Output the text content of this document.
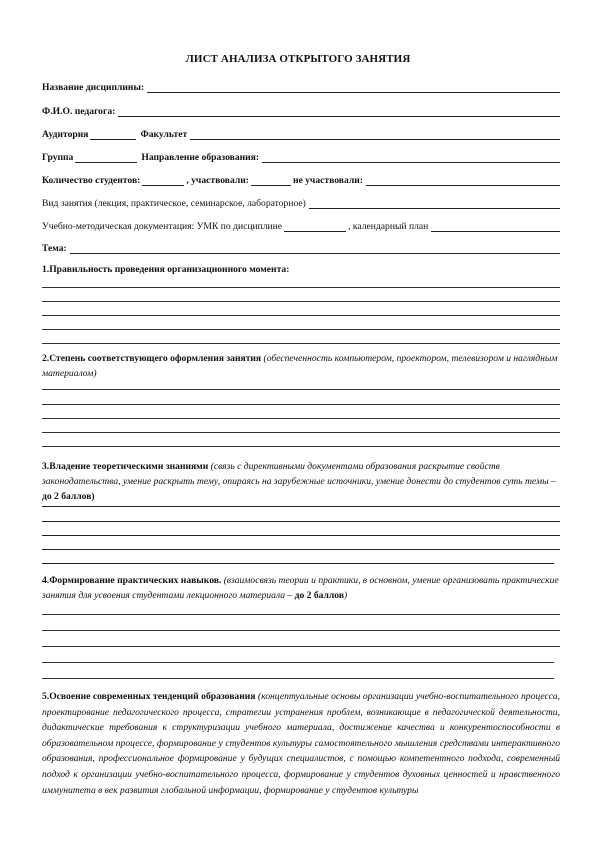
ЛИСТ АНАЛИЗА ОТКРЫТОГО ЗАНЯТИЯ
Название дисциплины:
Ф.И.О. педагога:
Аудитория	Факультет
Группа	Направление образования:
Количество студентов:	, участвовали:	не участвовали:
Вид занятия (лекция, практическое, семинарское, лабораторное)
Учебно-методическая документация: УМК по дисциплине	, календарный план
Тема:
1.Правильность проведения организационного момента:
2.Степень соответствующего оформления занятия (обеспеченность компьютером, проектором, телевизором и наглядным материалом)
3.Владение теоретическими знаниями (связь с директивными документами образования раскрытие свойств законодательства, умение раскрыть тему, опираясь на зарубежные источники, умение донести до студентов суть темы – до 2 баллов)
4.Формирование практических навыков. (взаимосвязь теории и практики, в основном, умение организовать практические занятия для усвоения студентами лекционного материала – до 2 баллов)
5.Освоение современных тенденций образования (концептуальные основы организации учебно-воспитательного процесса, проектирование педагогического процесса, стратегии устранения проблем, возникающие в педагогической деятельности, дидактические требования к структуризации учебного материала, достижение качества и конкурентоспособности в образовательном процессе, формирование у студентов культуры самостоятельного мышления средствами интерактивного образования, профессиональное формирование у будущих специалистов, с помощью компетентного подхода, современный подход к организации учебно-воспитательного процесса, формирование у студентов духовных ценностей и нравственного иммунитета в век развития глобальной информации, формирование у студентов культуры
